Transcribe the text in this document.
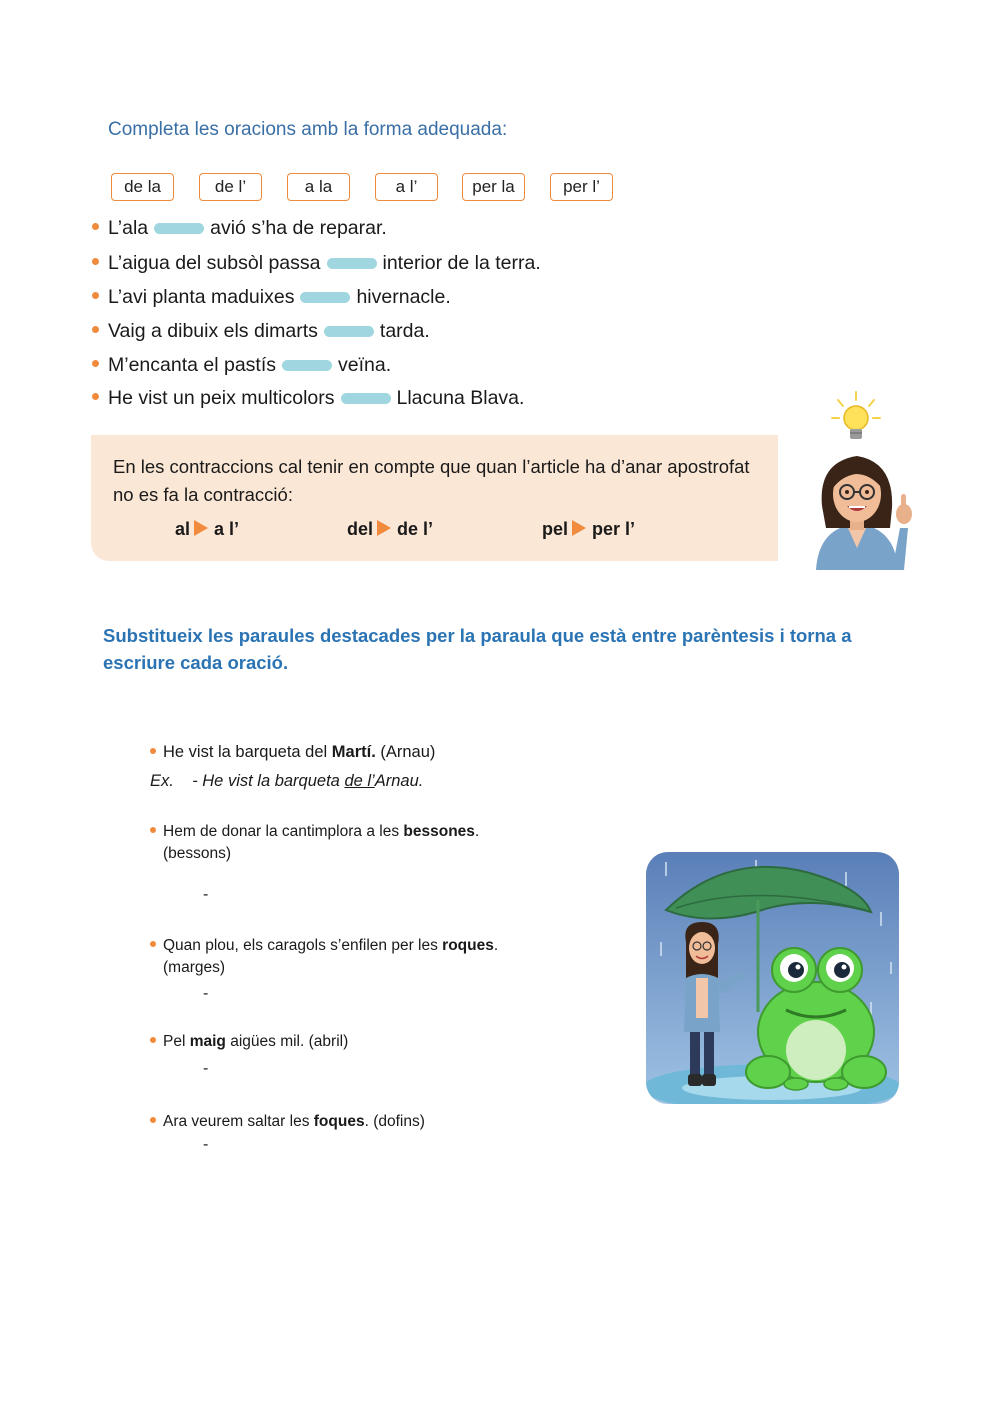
Completa les oracions amb la forma adequada:
de la	de l’	a la	a l’	per la	per l’
L’ala	avió s’ha de reparar.
L’aigua del subsòl passa	interior de la terra.
L’avi planta maduixes	hivernacle.
Vaig a dibuix els dimarts	tarda.
M’encanta el pastís	veïna.
He vist un peix multicolors	Llacuna Blava.
En les contraccions cal tenir en compte que quan l’article ha d’anar apostrofat no es fa la contracció:
al a l’	del de l’	pel per l’
Substitueix les paraules destacades per la paraula que està entre parèntesis i torna a escriure cada oració.
He vist la barqueta del Martí. (Arnau)
Ex. - He vist la barqueta de l’Arnau.
Hem de donar la cantimplora a les bessones.
(bessons)
-
Quan plou, els caragols s’enfilen per les roques.
(marges)
-
Pel maig aigües mil. (abril)
-
Ara veurem saltar les foques. (dofins)
-
